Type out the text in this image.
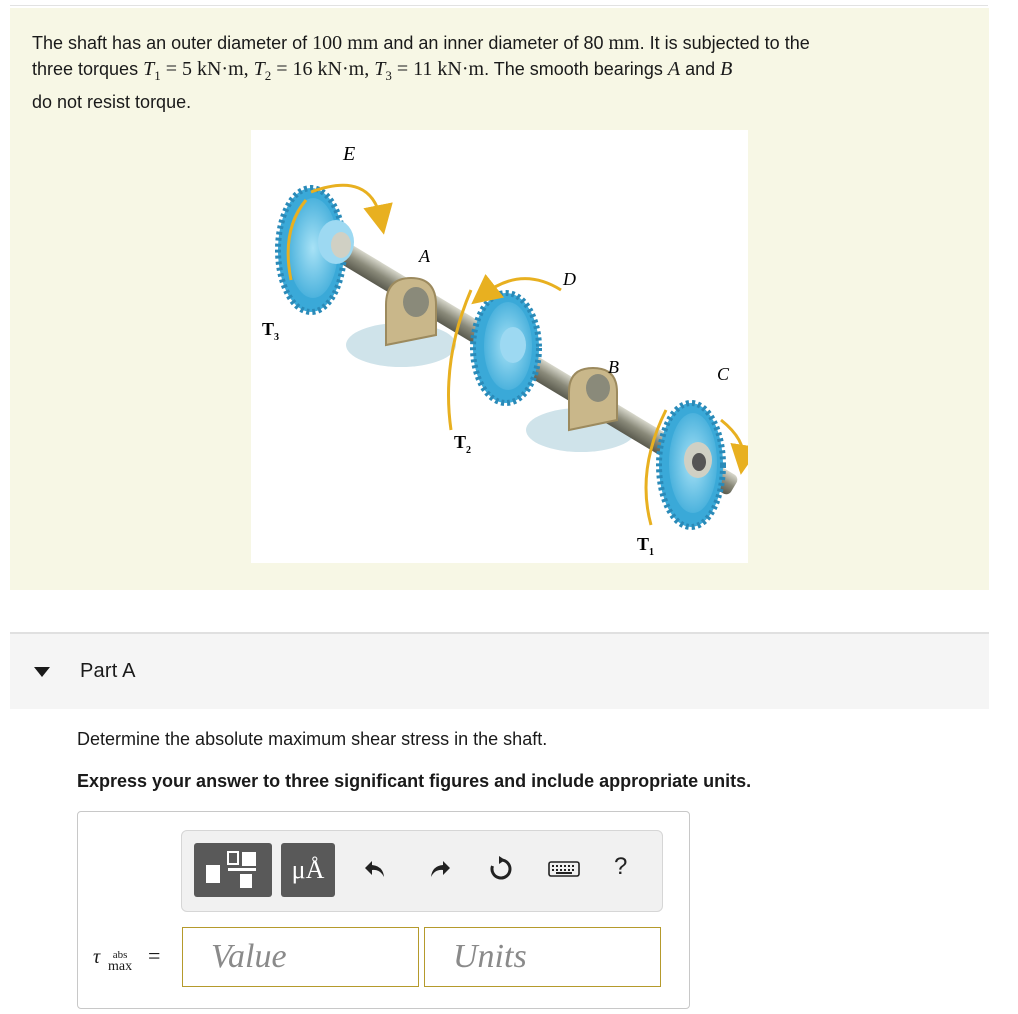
The shaft has an outer diameter of 100 mm and an inner diameter of 80 mm. It is subjected to the
three torques $T_1 = 5$ kN·m, $T_2 = 16$ kN·m, $T_3 = 11$ kN·m. The smooth bearings A and B
do not resist torque.
E
A
D
B	C
$T_3$
$T_2$
$T_1$
Part A
Determine the absolute maximum shear stress in the shaft.
Express your answer to three significant figures and include appropriate units.
μÅ	?
τ	abs
max =
Value
Units
